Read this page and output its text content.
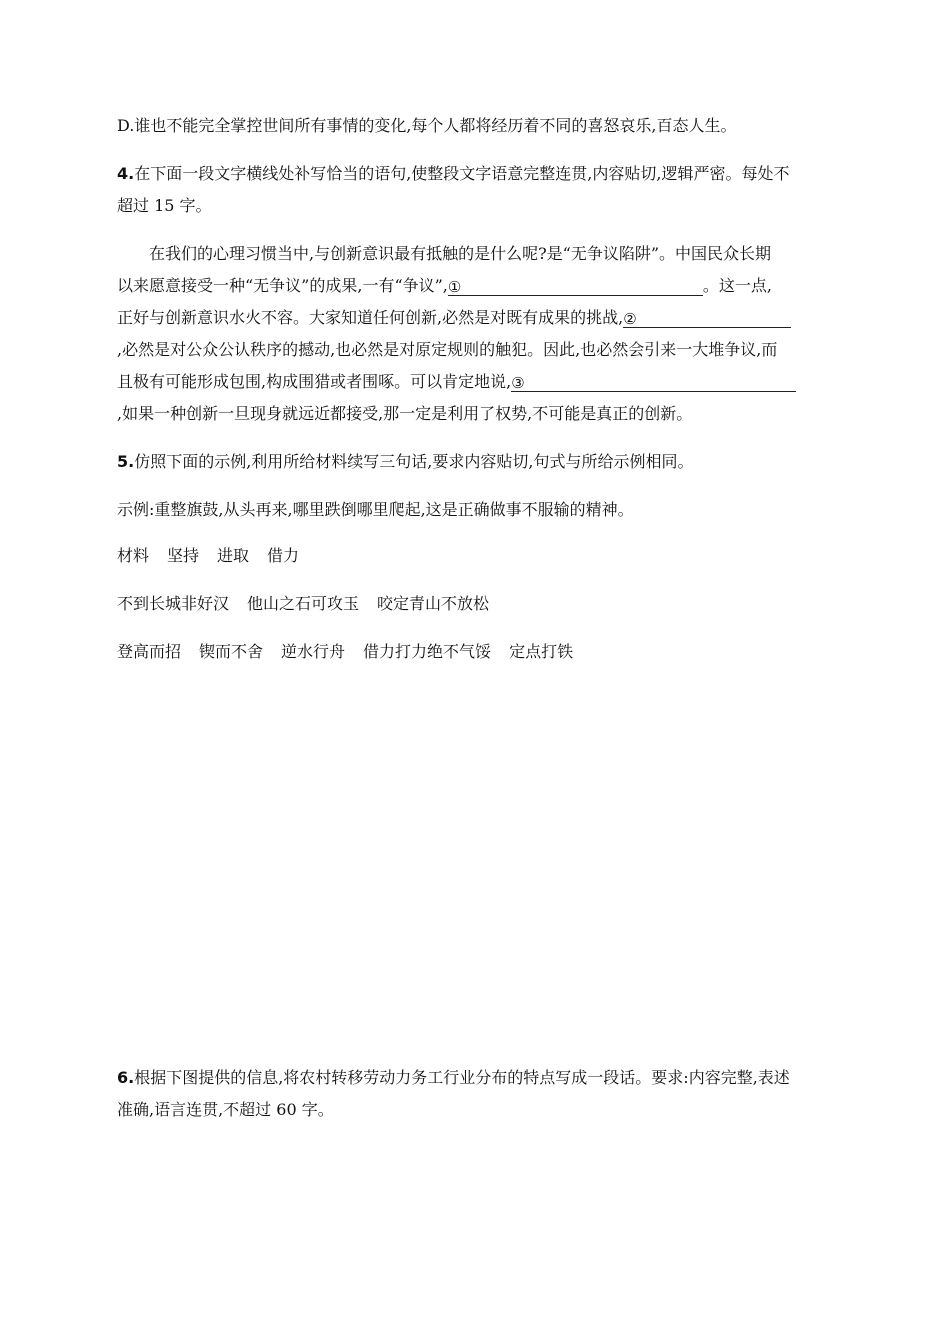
D.谁也不能完全掌控世间所有事情的变化,每个人都将经历着不同的喜怒哀乐,百态人生。
4.在下面一段文字横线处补写恰当的语句,使整段文字语意完整连贯,内容贴切,逻辑严密。每处不
超过 15 字。
在我们的心理习惯当中,与创新意识最有抵触的是什么呢?是“无争议陷阱”。中国民众长期
以来愿意接受一种“无争议”的成果,一有“争议”,①	。这一点,
正好与创新意识水火不容。大家知道任何创新,必然是对既有成果的挑战,②
,必然是对公众公认秩序的撼动,也必然是对原定规则的触犯。因此,也必然会引来一大堆争议,而
且极有可能形成包围,构成围猎或者围啄。可以肯定地说,③
,如果一种创新一旦现身就远近都接受,那一定是利用了权势,不可能是真正的创新。
5.仿照下面的示例,利用所给材料续写三句话,要求内容贴切,句式与所给示例相同。
示例:重整旗鼓,从头再来,哪里跌倒哪里爬起,这是正确做事不服输的精神。
材料 坚持 进取 借力
不到长城非好汉 他山之石可攻玉 咬定青山不放松
登高而招 锲而不舍 逆水行舟 借力打力绝不气馁 定点打铁
6.根据下图提供的信息,将农村转移劳动力务工行业分布的特点写成一段话。要求:内容完整,表述
准确,语言连贯,不超过 60 字。
